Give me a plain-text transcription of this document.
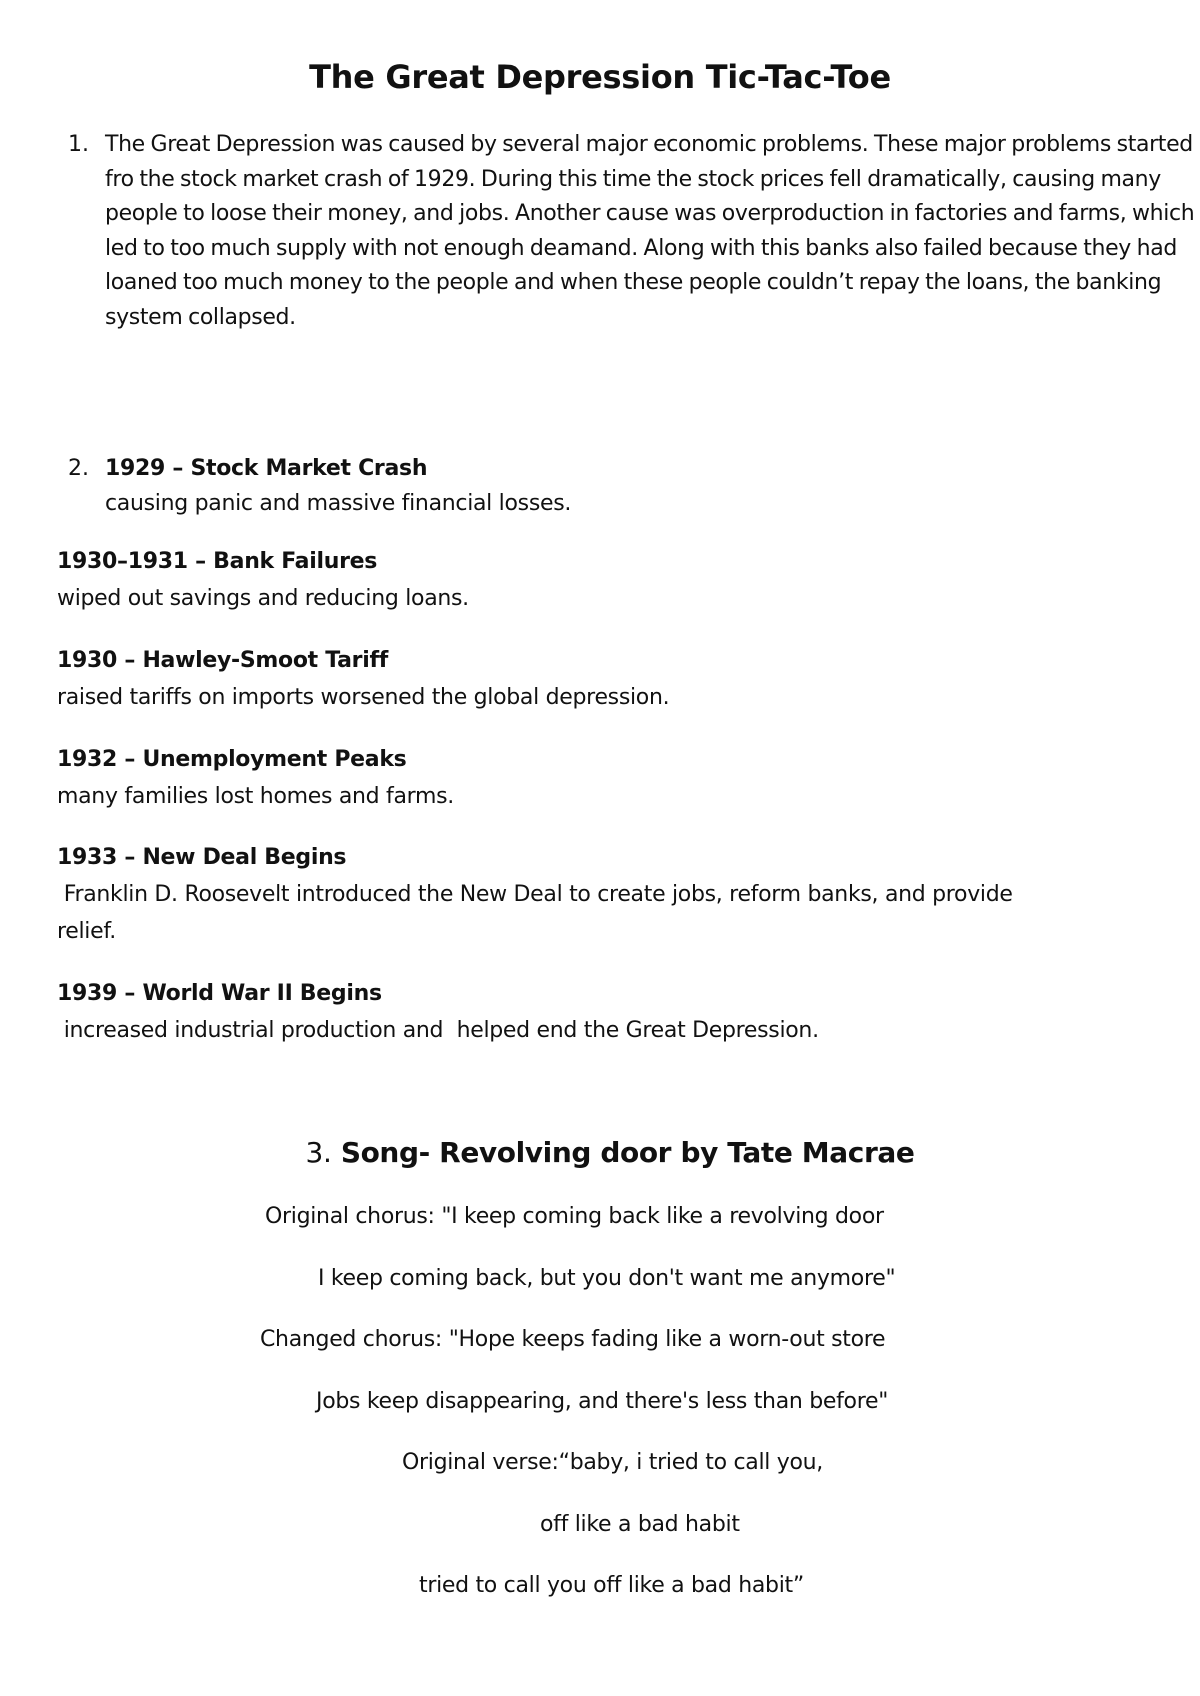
The Great Depression Tic-Tac-Toe
1. The Great Depression was caused by several major economic problems. These major problems started fro the stock market crash of 1929. During this time the stock prices fell dramatically, causing many people to loose their money, and jobs. Another cause was overproduction in factories and farms, which led to too much supply with not enough deamand. Along with this banks also failed because they had loaned too much money to the people and when these people couldn’t repay the loans, the banking system collapsed.
2. 1929 – Stock Market Crash
causing panic and massive financial losses.
1930–1931 – Bank Failures
wiped out savings and reducing loans.
1930 – Hawley-Smoot Tariff
raised tariffs on imports worsened the global depression.
1932 – Unemployment Peaks
many families lost homes and farms.
1933 – New Deal Begins
Franklin D. Roosevelt introduced the New Deal to create jobs, reform banks, and provide
relief.
1939 – World War II Begins
increased industrial production and  helped end the Great Depression.
3. Song- Revolving door by Tate Macrae
Original chorus: "I keep coming back like a revolving door
I keep coming back, but you don't want me anymore"
Changed chorus: "Hope keeps fading like a worn-out store
Jobs keep disappearing, and there's less than before"
Original verse:“baby, i tried to call you,
off like a bad habit
tried to call you off like a bad habit”
